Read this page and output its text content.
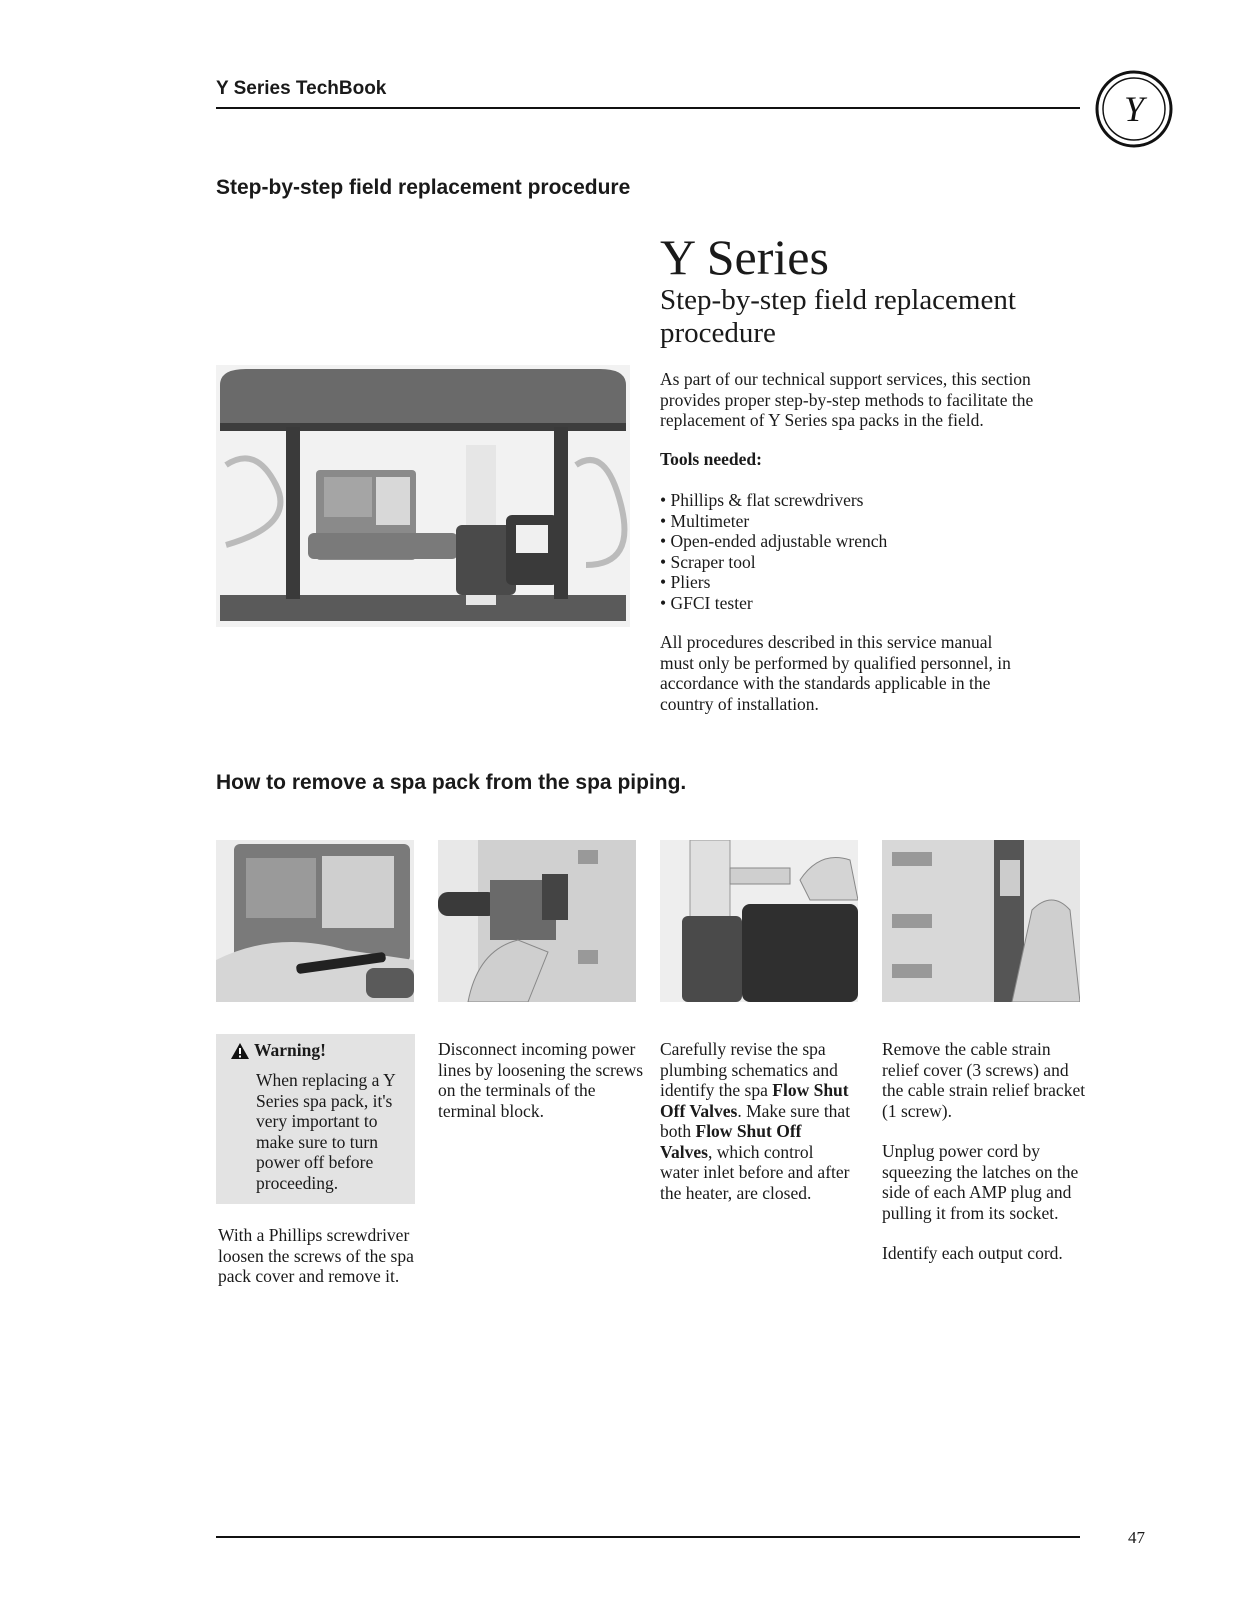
Y Series TechBook
Y
Step-by-step field replacement procedure
Y Series
Step-by-step field replacement procedure
As part of our technical support services, this section provides proper step-by-step methods to facilitate the replacement of Y Series spa packs in the field.
Tools needed:
• Phillips & flat screwdrivers
• Multimeter
• Open-ended adjustable wrench
• Scraper tool
• Pliers
• GFCI tester
All procedures described in this service manual must only be performed by qualified personnel, in accordance with the standards applicable in the country of installation.
How to remove a spa pack from the spa piping.
Warning!
When replacing a Y Series spa pack, it's very important to make sure to turn power off before proceeding.
With a Phillips screwdriver loosen the screws of the spa pack cover and remove it.
Disconnect incoming power lines by loosening the screws on the terminals of the terminal block.
Carefully revise the spa plumbing schematics and identify the spa Flow Shut Off Valves. Make sure that both Flow Shut Off Valves, which control water inlet before and after the heater, are closed.
Remove the cable strain relief cover (3 screws) and the cable strain relief bracket (1 screw).
Unplug power cord by squeezing the latches on the side of each AMP plug and pulling it from its socket.
Identify each output cord.
47
